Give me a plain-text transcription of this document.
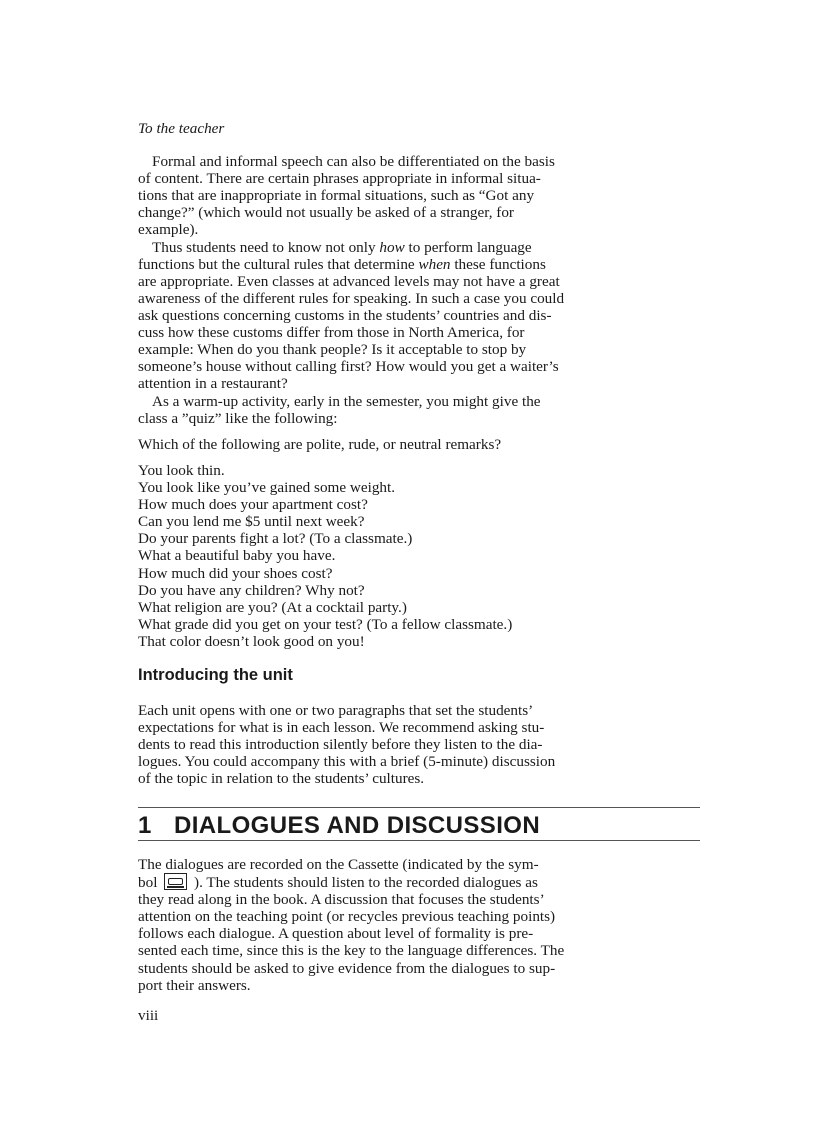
To the teacher
Formal and informal speech can also be differentiated on the basis
of content. There are certain phrases appropriate in informal situa-
tions that are inappropriate in formal situations, such as “Got any
change?” (which would not usually be asked of a stranger, for
example).
Thus students need to know not only how to perform language
functions but the cultural rules that determine when these functions
are appropriate. Even classes at advanced levels may not have a great
awareness of the different rules for speaking. In such a case you could
ask questions concerning customs in the students’ countries and dis-
cuss how these customs differ from those in North America, for
example: When do you thank people? Is it acceptable to stop by
someone’s house without calling first? How would you get a waiter’s
attention in a restaurant?
As a warm-up activity, early in the semester, you might give the
class a ”quiz” like the following:
Which of the following are polite, rude, or neutral remarks?
You look thin.
You look like you’ve gained some weight.
How much does your apartment cost?
Can you lend me $5 until next week?
Do your parents fight a lot? (To a classmate.)
What a beautiful baby you have.
How much did your shoes cost?
Do you have any children? Why not?
What religion are you? (At a cocktail party.)
What grade did you get on your test? (To a fellow classmate.)
That color doesn’t look good on you!
Introducing the unit
Each unit opens with one or two paragraphs that set the students’
expectations for what is in each lesson. We recommend asking stu-
dents to read this introduction silently before they listen to the dia-
logues. You could accompany this with a brief (5-minute) discussion
of the topic in relation to the students’ cultures.
1 DIALOGUES AND DISCUSSION
The dialogues are recorded on the Cassette (indicated by the sym-
bol ). The students should listen to the recorded dialogues as
they read along in the book. A discussion that focuses the students’
attention on the teaching point (or recycles previous teaching points)
follows each dialogue. A question about level of formality is pre-
sented each time, since this is the key to the language differences. The
students should be asked to give evidence from the dialogues to sup-
port their answers.
viii
